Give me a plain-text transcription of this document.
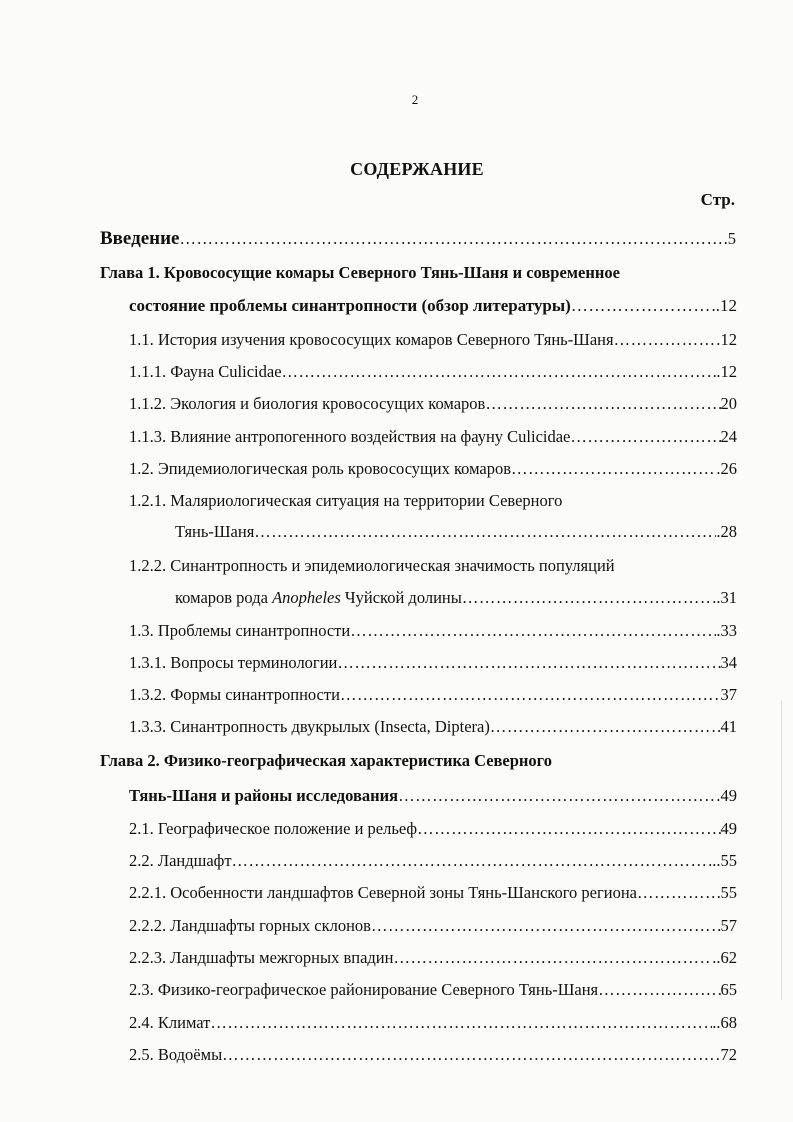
2
СОДЕРЖАНИЕ
Стр.
Введение ……………………………………………………………………………………………………………………………………………………………………………………	.5
Глава 1. Кровососущие комары Северного Тянь-Шаня и современное
состояние проблемы синантропности (обзор литературы) ……………………………………………………………………………………………………………………………………………………………………………………	..12
1.1. История изучения кровососущих комаров Северного Тянь-Шаня ……………………………………………………………………………………………………………………………………………………………………………………	12
1.1.1. Фауна Culicidae ……………………………………………………………………………………………………………………………………………………………………………………	.12
1.1.2. Экология и биология кровососущих комаров ……………………………………………………………………………………………………………………………………………………………………………………	20
1.1.3. Влияние антропогенного воздействия на фауну Culicidae ……………………………………………………………………………………………………………………………………………………………………………………	24
1.2. Эпидемиологическая роль кровососущих комаров ……………………………………………………………………………………………………………………………………………………………………………………	.26
1.2.1. Маляриологическая ситуация на территории Северного
Тянь-Шаня ……………………………………………………………………………………………………………………………………………………………………………………	.28
1.2.2. Синантропность и эпидемиологическая значимость популяций
комаров рода Anopheles Чуйской долины ……………………………………………………………………………………………………………………………………………………………………………………	..31
1.3. Проблемы синантропности ……………………………………………………………………………………………………………………………………………………………………………………	.33
1.3.1. Вопросы терминологии ……………………………………………………………………………………………………………………………………………………………………………………	34
1.3.2. Формы синантропности ……………………………………………………………………………………………………………………………………………………………………………………	37
1.3.3. Синантропность двукрылых (Insecta, Diptera) ……………………………………………………………………………………………………………………………………………………………………………………	41
Глава 2. Физико-географическая характеристика Северного
Тянь-Шаня и районы исследования ……………………………………………………………………………………………………………………………………………………………………………………	.49
2.1. Географическое положение и рельеф ……………………………………………………………………………………………………………………………………………………………………………………	49
2.2. Ландшафт ……………………………………………………………………………………………………………………………………………………………………………………	..55
2.2.1. Особенности ландшафтов Северной зоны Тянь-Шанского региона ……………………………………………………………………………………………………………………………………………………………………………………	55
2.2.2. Ландшафты горных склонов ……………………………………………………………………………………………………………………………………………………………………………………	57
2.2.3. Ландшафты межгорных впадин ……………………………………………………………………………………………………………………………………………………………………………………	..62
2.3. Физико-географическое районирование Северного Тянь-Шаня ……………………………………………………………………………………………………………………………………………………………………………………	65
2.4. Климат ……………………………………………………………………………………………………………………………………………………………………………………	..68
2.5. Водоёмы ……………………………………………………………………………………………………………………………………………………………………………………	72
